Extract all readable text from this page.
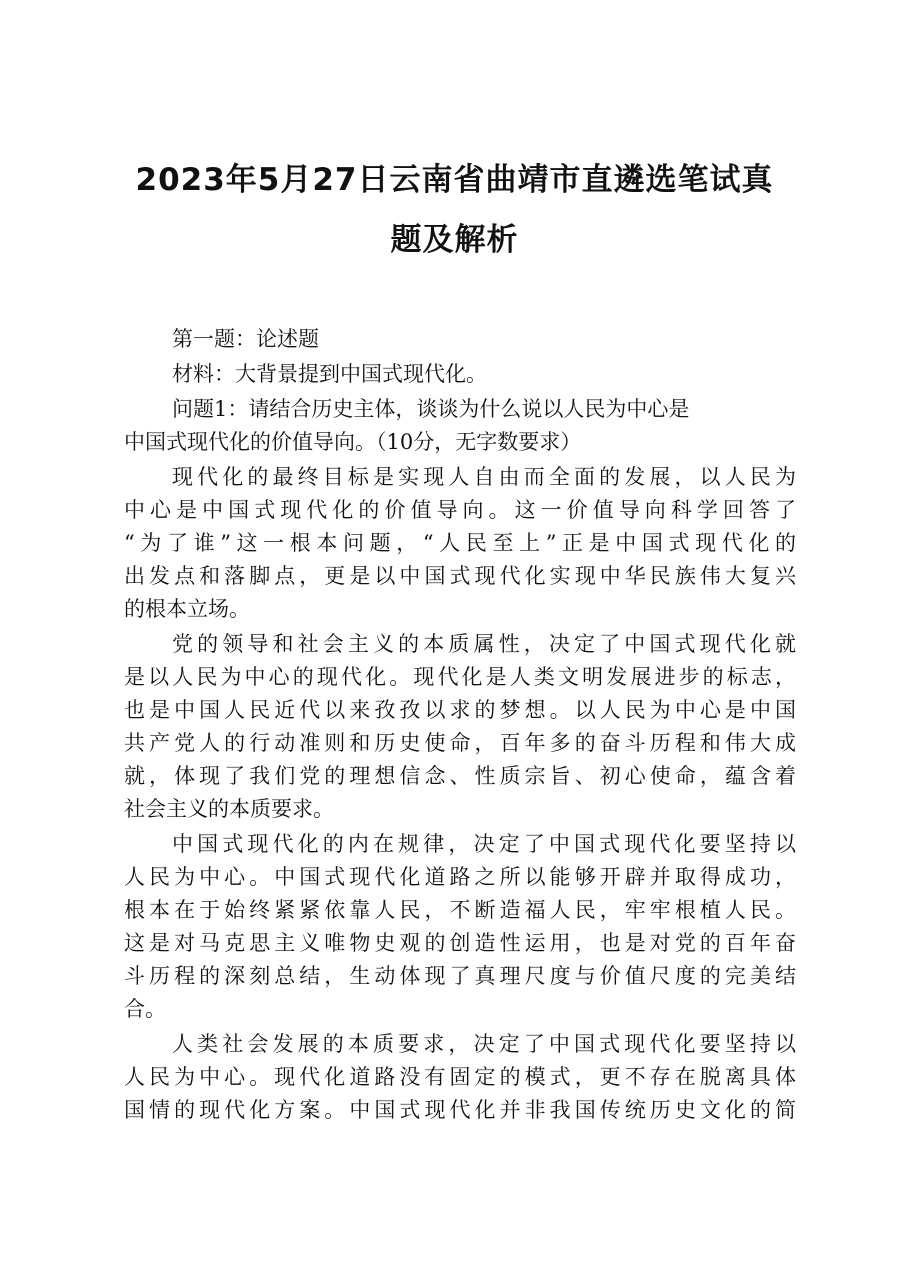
2023年5月27日云南省曲靖市直遴选笔试真
题及解析

第一题：论述题

材料：大背景提到中国式现代化。

问题1：请结合历史主体，谈谈为什么说以人民为中心是

中国式现代化的价值导向。（10分，无字数要求）

现代化的最终目标是实现人自由而全面的发展，以人民为

中心是中国式现代化的价值导向。这一价值导向科学回答了

“为了谁”这一根本问题，“人民至上”正是中国式现代化的

出发点和落脚点，更是以中国式现代化实现中华民族伟大复兴

的根本立场。

党的领导和社会主义的本质属性，决定了中国式现代化就

是以人民为中心的现代化。现代化是人类文明发展进步的标志，

也是中国人民近代以来孜孜以求的梦想。以人民为中心是中国

共产党人的行动准则和历史使命，百年多的奋斗历程和伟大成

就，体现了我们党的理想信念、性质宗旨、初心使命，蕴含着

社会主义的本质要求。

中国式现代化的内在规律，决定了中国式现代化要坚持以

人民为中心。中国式现代化道路之所以能够开辟并取得成功，

根本在于始终紧紧依靠人民，不断造福人民，牢牢根植人民。

这是对马克思主义唯物史观的创造性运用，也是对党的百年奋

斗历程的深刻总结，生动体现了真理尺度与价值尺度的完美结

合。

人类社会发展的本质要求，决定了中国式现代化要坚持以

人民为中心。现代化道路没有固定的模式，更不存在脱离具体

国情的现代化方案。中国式现代化并非我国传统历史文化的简
